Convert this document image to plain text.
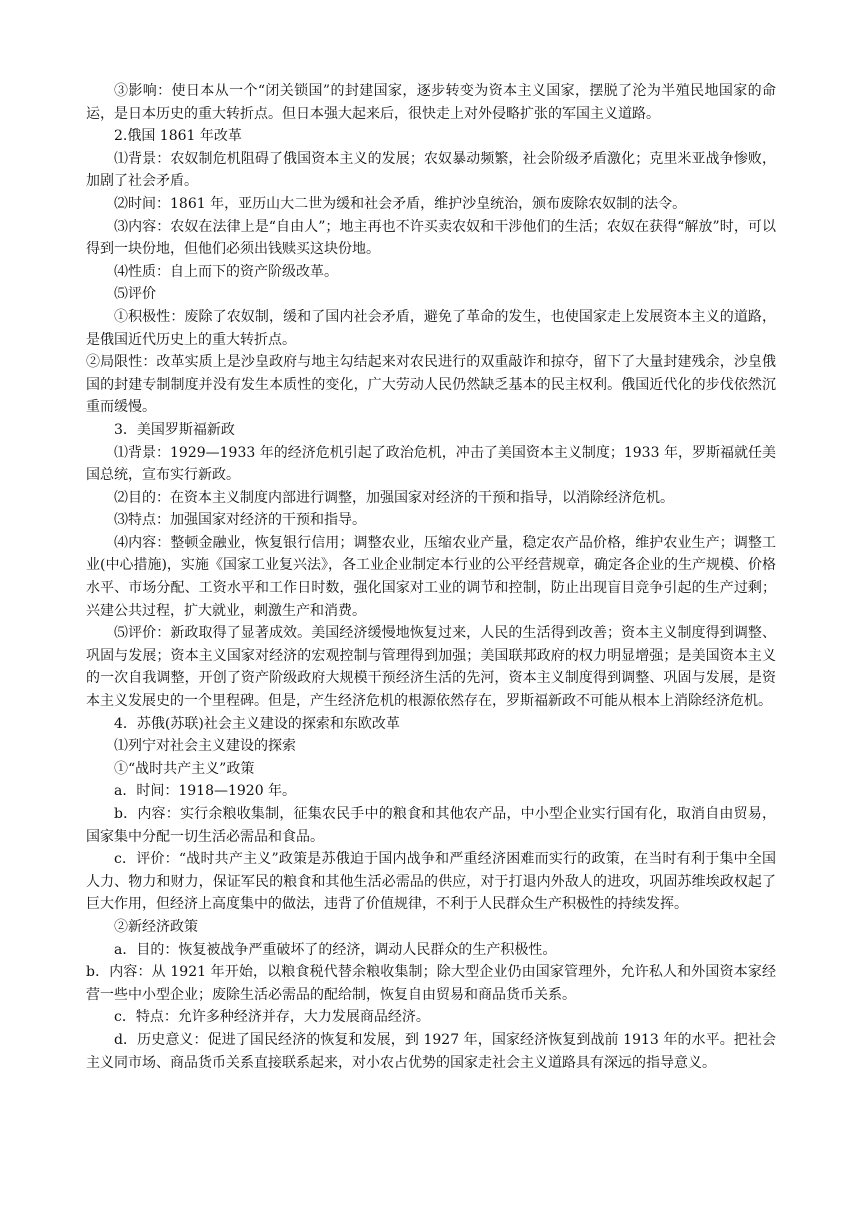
③影响：使日本从一个“闭关锁国”的封建国家，逐步转变为资本主义国家，摆脱了沦为半殖民地国家的命运，是日本历史的重大转折点。但日本强大起来后，很快走上对外侵略扩张的军国主义道路。

2.俄国 1861 年改革

⑴背景：农奴制危机阻碍了俄国资本主义的发展；农奴暴动频繁，社会阶级矛盾激化；克里米亚战争惨败，加剧了社会矛盾。

⑵时间：1861 年，亚历山大二世为缓和社会矛盾，维护沙皇统治，颁布废除农奴制的法令。

⑶内容：农奴在法律上是“自由人”；地主再也不许买卖农奴和干涉他们的生活；农奴在获得“解放”时，可以得到一块份地，但他们必须出钱赎买这块份地。

⑷性质：自上而下的资产阶级改革。

⑸评价

①积极性：废除了农奴制，缓和了国内社会矛盾，避免了革命的发生，也使国家走上发展资本主义的道路，是俄国近代历史上的重大转折点。

②局限性：改革实质上是沙皇政府与地主勾结起来对农民进行的双重敲诈和掠夺，留下了大量封建残余，沙皇俄国的封建专制制度并没有发生本质性的变化，广大劳动人民仍然缺乏基本的民主权利。俄国近代化的步伐依然沉重而缓慢。

3．美国罗斯福新政

⑴背景：1929—1933 年的经济危机引起了政治危机，冲击了美国资本主义制度；1933 年，罗斯福就任美国总统，宣布实行新政。

⑵目的：在资本主义制度内部进行调整，加强国家对经济的干预和指导，以消除经济危机。

⑶特点：加强国家对经济的干预和指导。

⑷内容：整顿金融业，恢复银行信用；调整农业，压缩农业产量，稳定农产品价格，维护农业生产；调整工业(中心措施)，实施《国家工业复兴法》，各工业企业制定本行业的公平经营规章，确定各企业的生产规模、价格水平、市场分配、工资水平和工作日时数，强化国家对工业的调节和控制，防止出现盲目竞争引起的生产过剩；兴建公共过程，扩大就业，刺激生产和消费。

⑸评价：新政取得了显著成效。美国经济缓慢地恢复过来，人民的生活得到改善；资本主义制度得到调整、巩固与发展；资本主义国家对经济的宏观控制与管理得到加强；美国联邦政府的权力明显增强；是美国资本主义的一次自我调整，开创了资产阶级政府大规模干预经济生活的先河，资本主义制度得到调整、巩固与发展，是资本主义发展史的一个里程碑。但是，产生经济危机的根源依然存在，罗斯福新政不可能从根本上消除经济危机。

4．苏俄(苏联)社会主义建设的探索和东欧改革

⑴列宁对社会主义建设的探索

①“战时共产主义”政策

a．时间：1918—1920 年。

b．内容：实行余粮收集制，征集农民手中的粮食和其他农产品，中小型企业实行国有化，取消自由贸易，国家集中分配一切生活必需品和食品。

c．评价：“战时共产主义”政策是苏俄迫于国内战争和严重经济困难而实行的政策，在当时有利于集中全国人力、物力和财力，保证军民的粮食和其他生活必需品的供应，对于打退内外敌人的进攻，巩固苏维埃政权起了巨大作用，但经济上高度集中的做法，违背了价值规律，不利于人民群众生产积极性的持续发挥。

②新经济政策

a．目的：恢复被战争严重破坏了的经济，调动人民群众的生产积极性。

b．内容：从 1921 年开始，以粮食税代替余粮收集制；除大型企业仍由国家管理外，允许私人和外国资本家经营一些中小型企业；废除生活必需品的配给制，恢复自由贸易和商品货币关系。

c．特点：允许多种经济并存，大力发展商品经济。

d．历史意义：促进了国民经济的恢复和发展，到 1927 年，国家经济恢复到战前 1913 年的水平。把社会主义同市场、商品货币关系直接联系起来，对小农占优势的国家走社会主义道路具有深远的指导意义。
